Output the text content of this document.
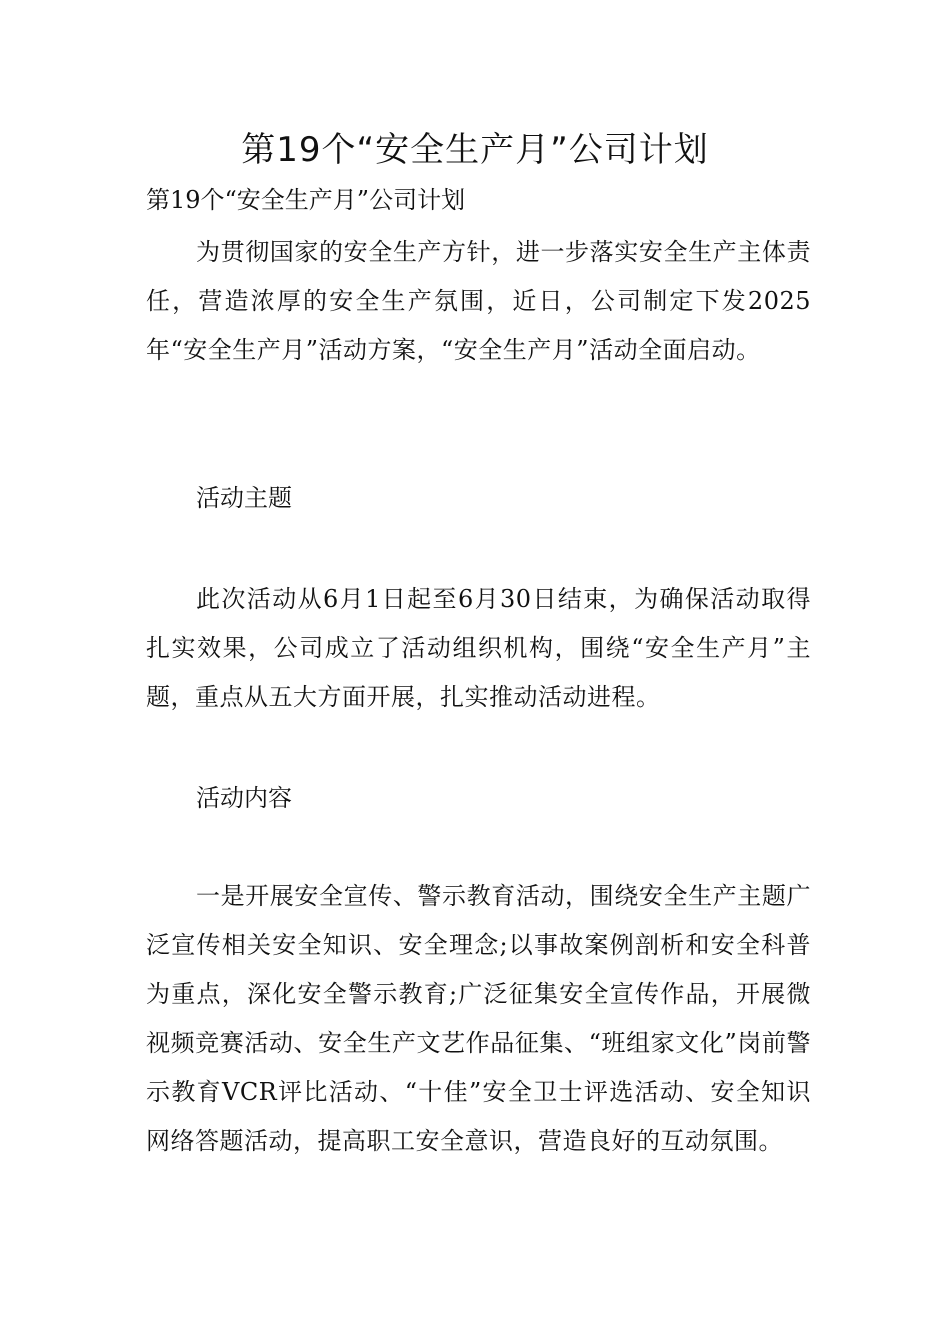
第19个“安全生产月”公司计划

第19个“安全生产月”公司计划

为贯彻国家的安全生产方针，进一步落实安全生产主体责任，营造浓厚的安全生产氛围，近日，公司制定下发2025年“安全生产月”活动方案，“安全生产月”活动全面启动。

活动主题

此次活动从6月1日起至6月30日结束，为确保活动取得扎实效果，公司成立了活动组织机构，围绕“安全生产月”主题，重点从五大方面开展，扎实推动活动进程。

活动内容

一是开展安全宣传、警示教育活动，围绕安全生产主题广泛宣传相关安全知识、安全理念;以事故案例剖析和安全科普为重点，深化安全警示教育;广泛征集安全宣传作品，开展微视频竞赛活动、安全生产文艺作品征集、“班组家文化”岗前警示教育VCR评比活动、“十佳”安全卫士评选活动、安全知识网络答题活动，提高职工安全意识，营造良好的互动氛围。
